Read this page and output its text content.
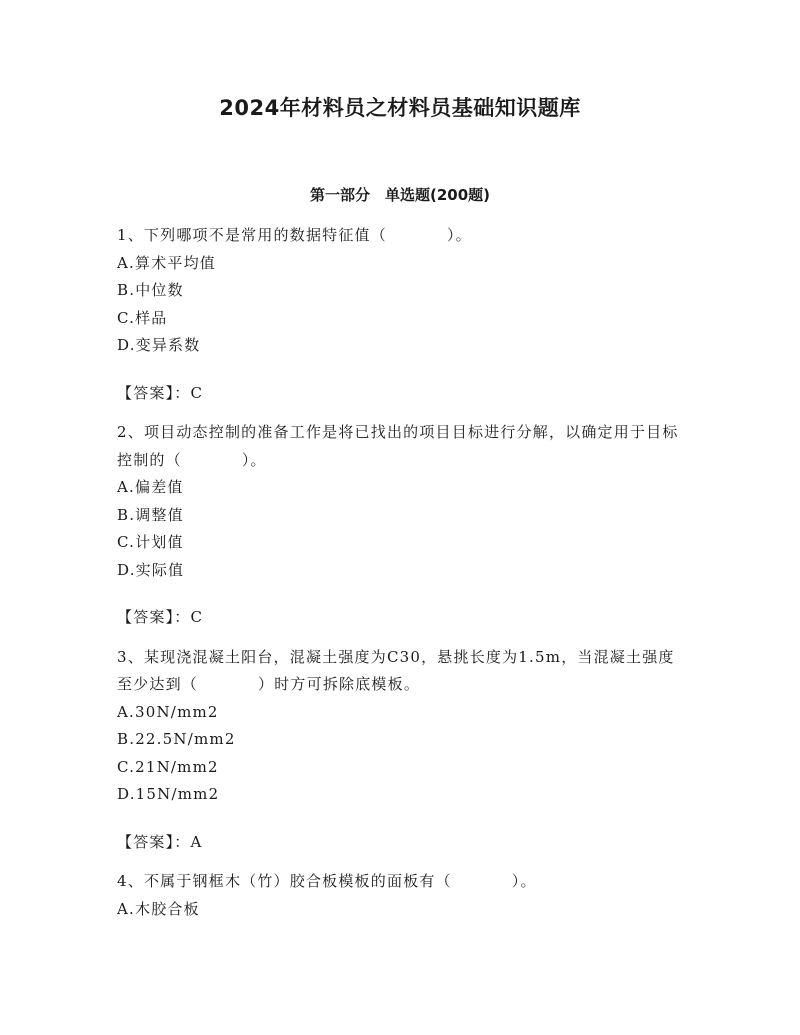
2024年材料员之材料员基础知识题库
第一部分　单选题(200题)

1、下列哪项不是常用的数据特征值（	）。

A.算术平均值

B.中位数

C.样品

D.变异系数

【答案】：C

2、项目动态控制的准备工作是将已找出的项目目标进行分解，以确定用于目标控制的（	）。

A.偏差值

B.调整值

C.计划值

D.实际值

【答案】：C

3、某现浇混凝土阳台，混凝土强度为C30，悬挑长度为1.5m，当混凝土强度至少达到（	）时方可拆除底模板。

A.30N/mm2

B.22.5N/mm2

C.21N/mm2

D.15N/mm2

【答案】：A

4、不属于钢框木（竹）胶合板模板的面板有（	）。

A.木胶合板
